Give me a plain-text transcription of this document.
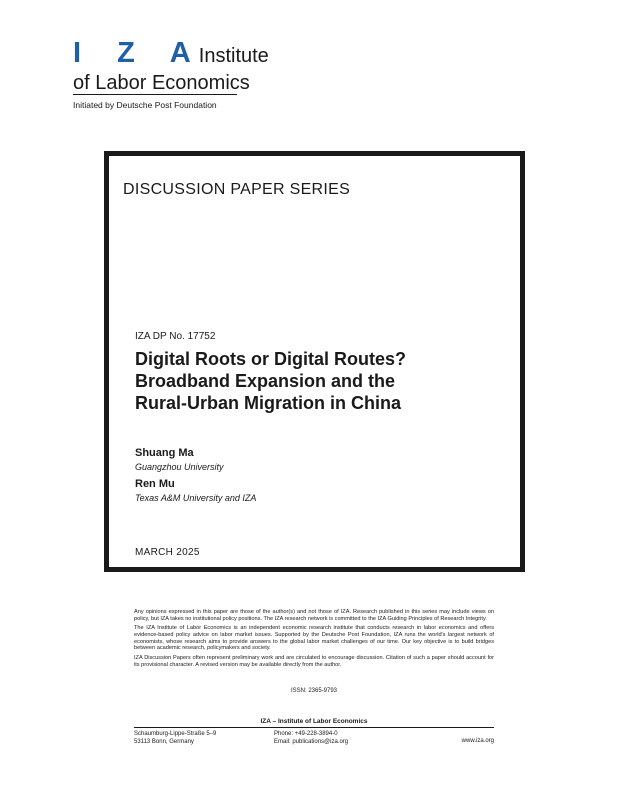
I Z A
Institute
of Labor Economics
Initiated by Deutsche Post Foundation
DISCUSSION PAPER SERIES
IZA DP No. 17752
Digital Roots or Digital Routes?
Broadband Expansion and the
Rural-Urban Migration in China
Shuang Ma
Guangzhou University
Ren Mu
Texas A&M University and IZA
MARCH 2025

Any opinions expressed in this paper are those of the author(s) and not those of IZA. Research published in this series may include views on policy, but IZA takes no institutional policy positions. The IZA research network is committed to the IZA Guiding Principles of Research Integrity.

The IZA Institute of Labor Economics is an independent economic research institute that conducts research in labor economics and offers evidence-based policy advice on labor market issues. Supported by the Deutsche Post Foundation, IZA runs the world's largest network of economists, whose research aims to provide answers to the global labor market challenges of our time. Our key objective is to build bridges between academic research, policymakers and society.

IZA Discussion Papers often represent preliminary work and are circulated to encourage discussion. Citation of such a paper should account for its provisional character. A revised version may be available directly from the author.

ISSN: 2365-9793
IZA – Institute of Labor Economics
Schaumburg-Lippe-Straße 5–9
53113 Bonn, Germany
Phone: +49-228-3894-0
Email: publications@iza.org	www.iza.org
